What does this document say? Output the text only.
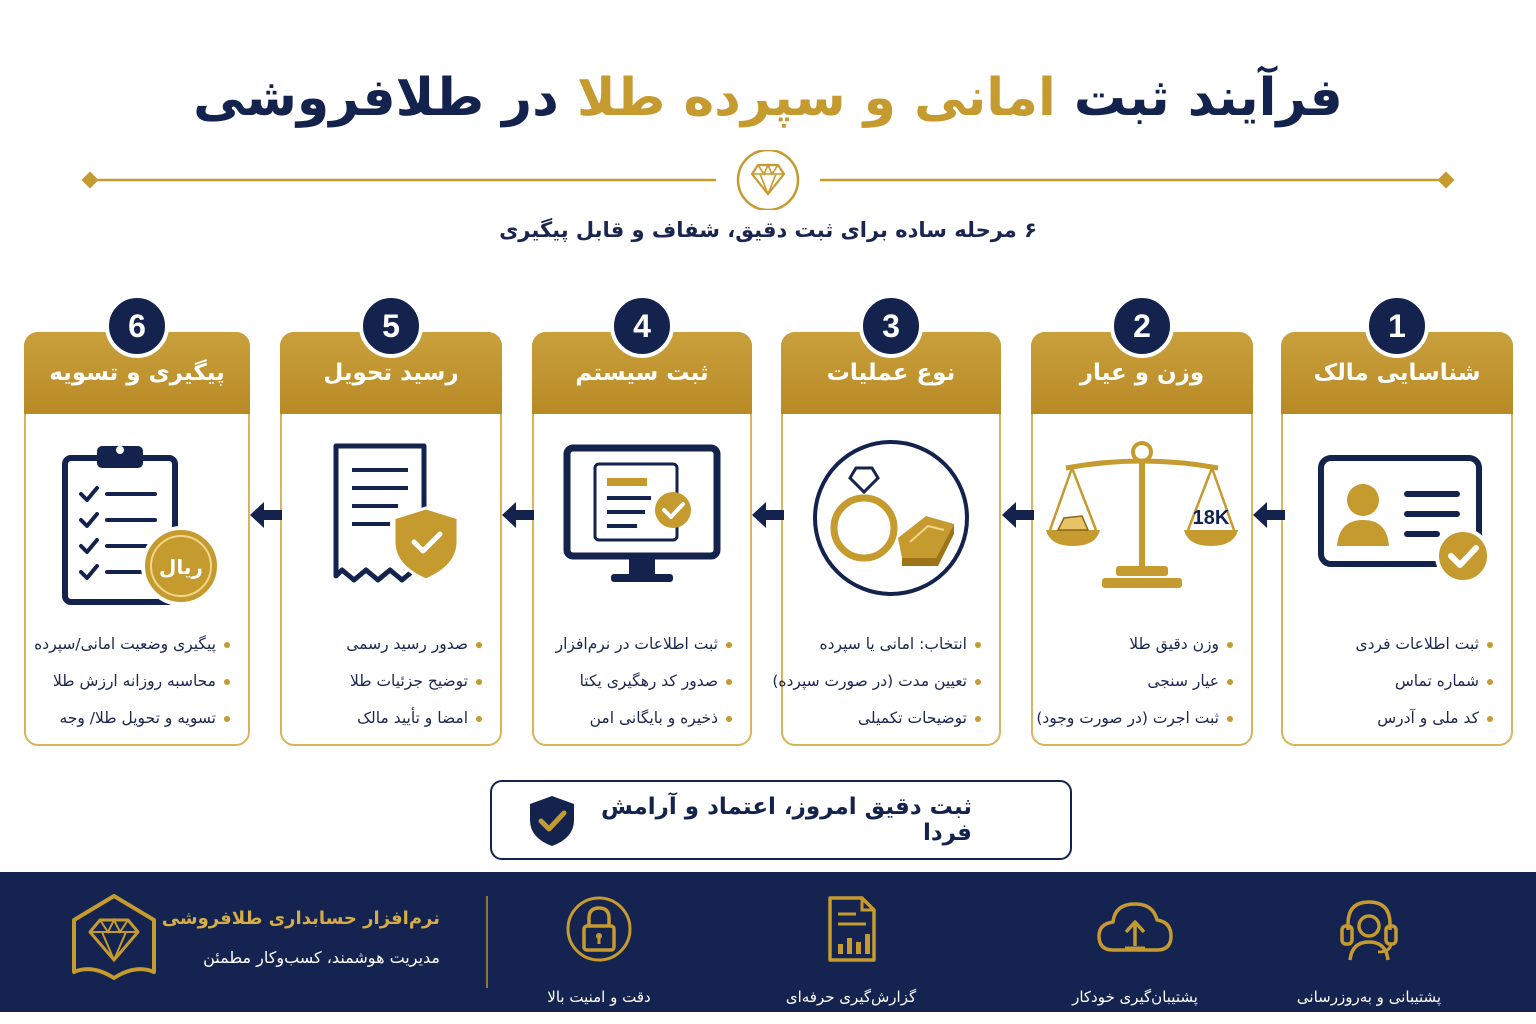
فرآیند ثبت امانی و سپرده طلا در طلافروشی
۶ مرحله ساده برای ثبت دقیق، شفاف و قابل پیگیری
1
شناسایی مالک
ثبت اطلاعات فردی
شماره تماس
کد ملی و آدرس
2
وزن و عیار
18K
وزن دقیق طلا
عیار سنجی
ثبت اجرت (در صورت وجود)
3
نوع عملیات
انتخاب: امانی یا سپرده
تعیین مدت (در صورت سپرده)
توضیحات تکمیلی
4
ثبت سیستم
ثبت اطلاعات در نرم‌افزار
صدور کد رهگیری یکتا
ذخیره و بایگانی امن
5
رسید تحویل
صدور رسید رسمی
توضیح جزئیات طلا
امضا و تأیید مالک
6
پیگیری و تسویه
ریال
پیگیری وضعیت امانی/سپرده
محاسبه روزانه ارزش طلا
تسویه و تحویل طلا/ وجه
ثبت دقیق امروز، اعتماد و آرامش فردا
نرم‌افزار حسابداری طلافروشی
مدیریت هوشمند، کسب‌وکار مطمئن
دقت و امنیت بالا	گزارش‌گیری حرفه‌ای	پشتیبان‌گیری خودکار	پشتیبانی و به‌روزرسانی
